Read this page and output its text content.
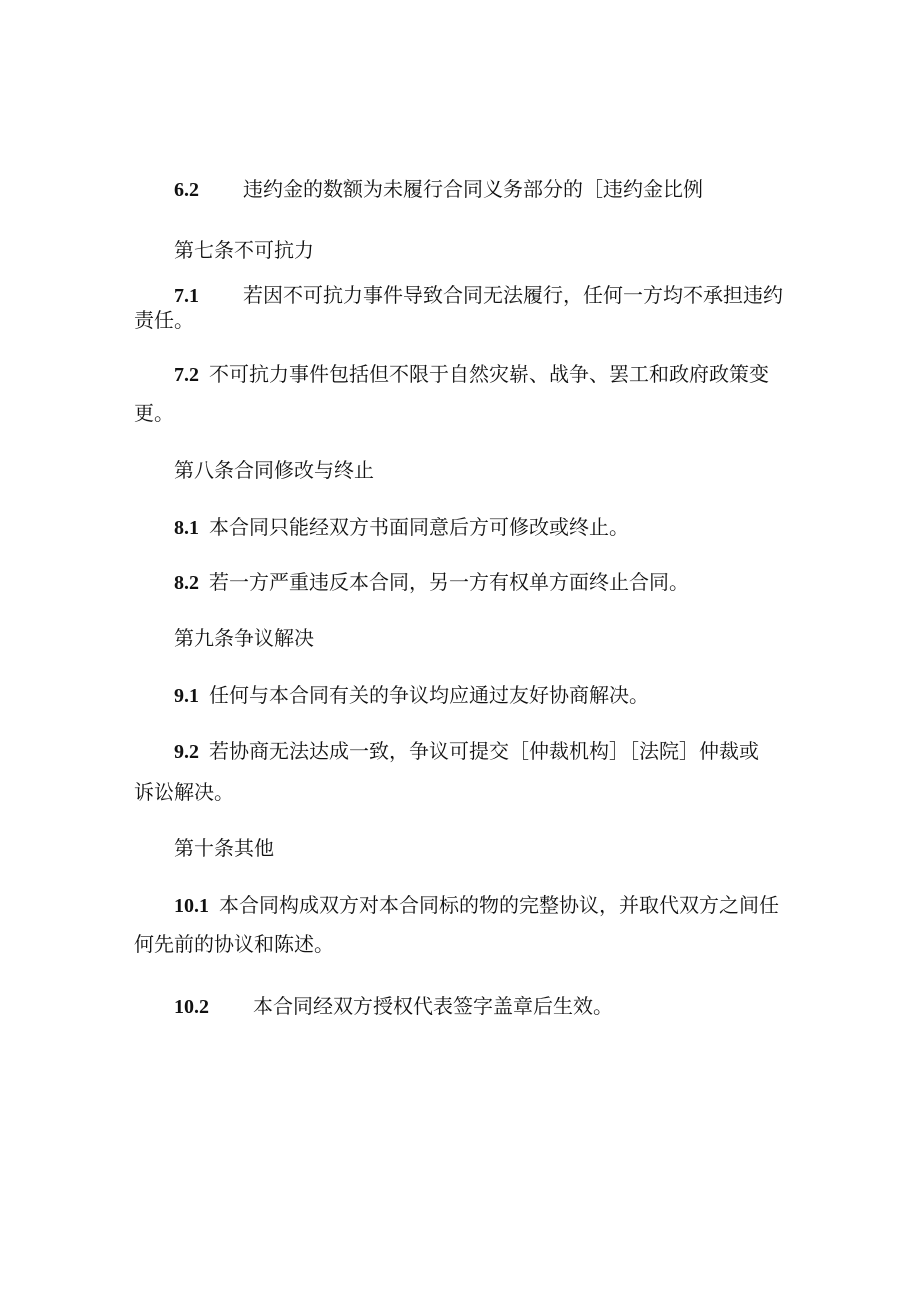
6.2 违约金的数额为未履行合同义务部分的［违约金比例
第七条不可抗力
7.1 若因不可抗力事件导致合同无法履行，任何一方均不承担违约
责任。
7.2 不可抗力事件包括但不限于自然灾崭、战争、罢工和政府政策变
更。
第八条合同修改与终止
8.1 本合同只能经双方书面同意后方可修改或终止。
8.2 若一方严重违反本合同，另一方有权单方面终止合同。
第九条争议解决
9.1 任何与本合同有关的争议均应通过友好协商解决。
9.2 若协商无法达成一致，争议可提交［仲裁机构］［法院］仲裁或
诉讼解决。
第十条其他
10.1 本合同构成双方对本合同标的物的完整协议，并取代双方之间任
何先前的协议和陈述。
10.2 本合同经双方授权代表签字盖章后生效。
